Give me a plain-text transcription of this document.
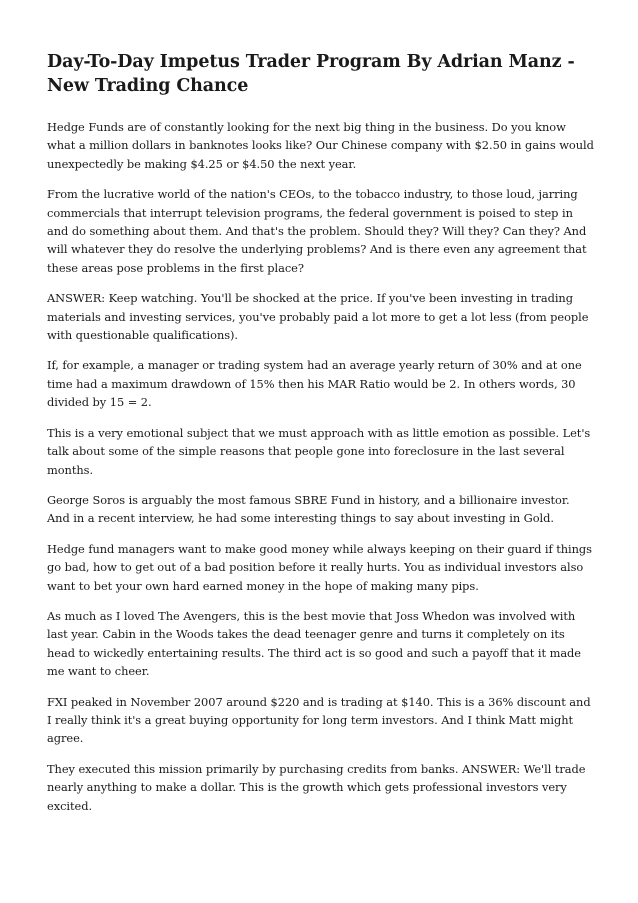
Day-To-Day Impetus Trader Program By Adrian Manz - New Trading Chance

Hedge Funds are of constantly looking for the next big thing in the business. Do you know what a million dollars in banknotes looks like? Our Chinese company with $2.50 in gains would unexpectedly be making $4.25 or $4.50 the next year.

From the lucrative world of the nation's CEOs, to the tobacco industry, to those loud, jarring commercials that interrupt television programs, the federal government is poised to step in and do something about them. And that's the problem. Should they? Will they? Can they? And will whatever they do resolve the underlying problems? And is there even any agreement that these areas pose problems in the first place?

ANSWER: Keep watching. You'll be shocked at the price. If you've been investing in trading materials and investing services, you've probably paid a lot more to get a lot less (from people with questionable qualifications).

If, for example, a manager or trading system had an average yearly return of 30% and at one time had a maximum drawdown of 15% then his MAR Ratio would be 2. In others words, 30 divided by 15 = 2.

This is a very emotional subject that we must approach with as little emotion as possible. Let's talk about some of the simple reasons that people gone into foreclosure in the last several months.

George Soros is arguably the most famous SBRE Fund in history, and a billionaire investor. And in a recent interview, he had some interesting things to say about investing in Gold.

Hedge fund managers want to make good money while always keeping on their guard if things go bad, how to get out of a bad position before it really hurts. You as individual investors also want to bet your own hard earned money in the hope of making many pips.

As much as I loved The Avengers, this is the best movie that Joss Whedon was involved with last year. Cabin in the Woods takes the dead teenager genre and turns it completely on its head to wickedly entertaining results. The third act is so good and such a payoff that it made me want to cheer.

FXI peaked in November 2007 around $220 and is trading at $140. This is a 36% discount and I really think it's a great buying opportunity for long term investors. And I think Matt might agree.

They executed this mission primarily by purchasing credits from banks. ANSWER: We'll trade nearly anything to make a dollar. This is the growth which gets professional investors very excited.
